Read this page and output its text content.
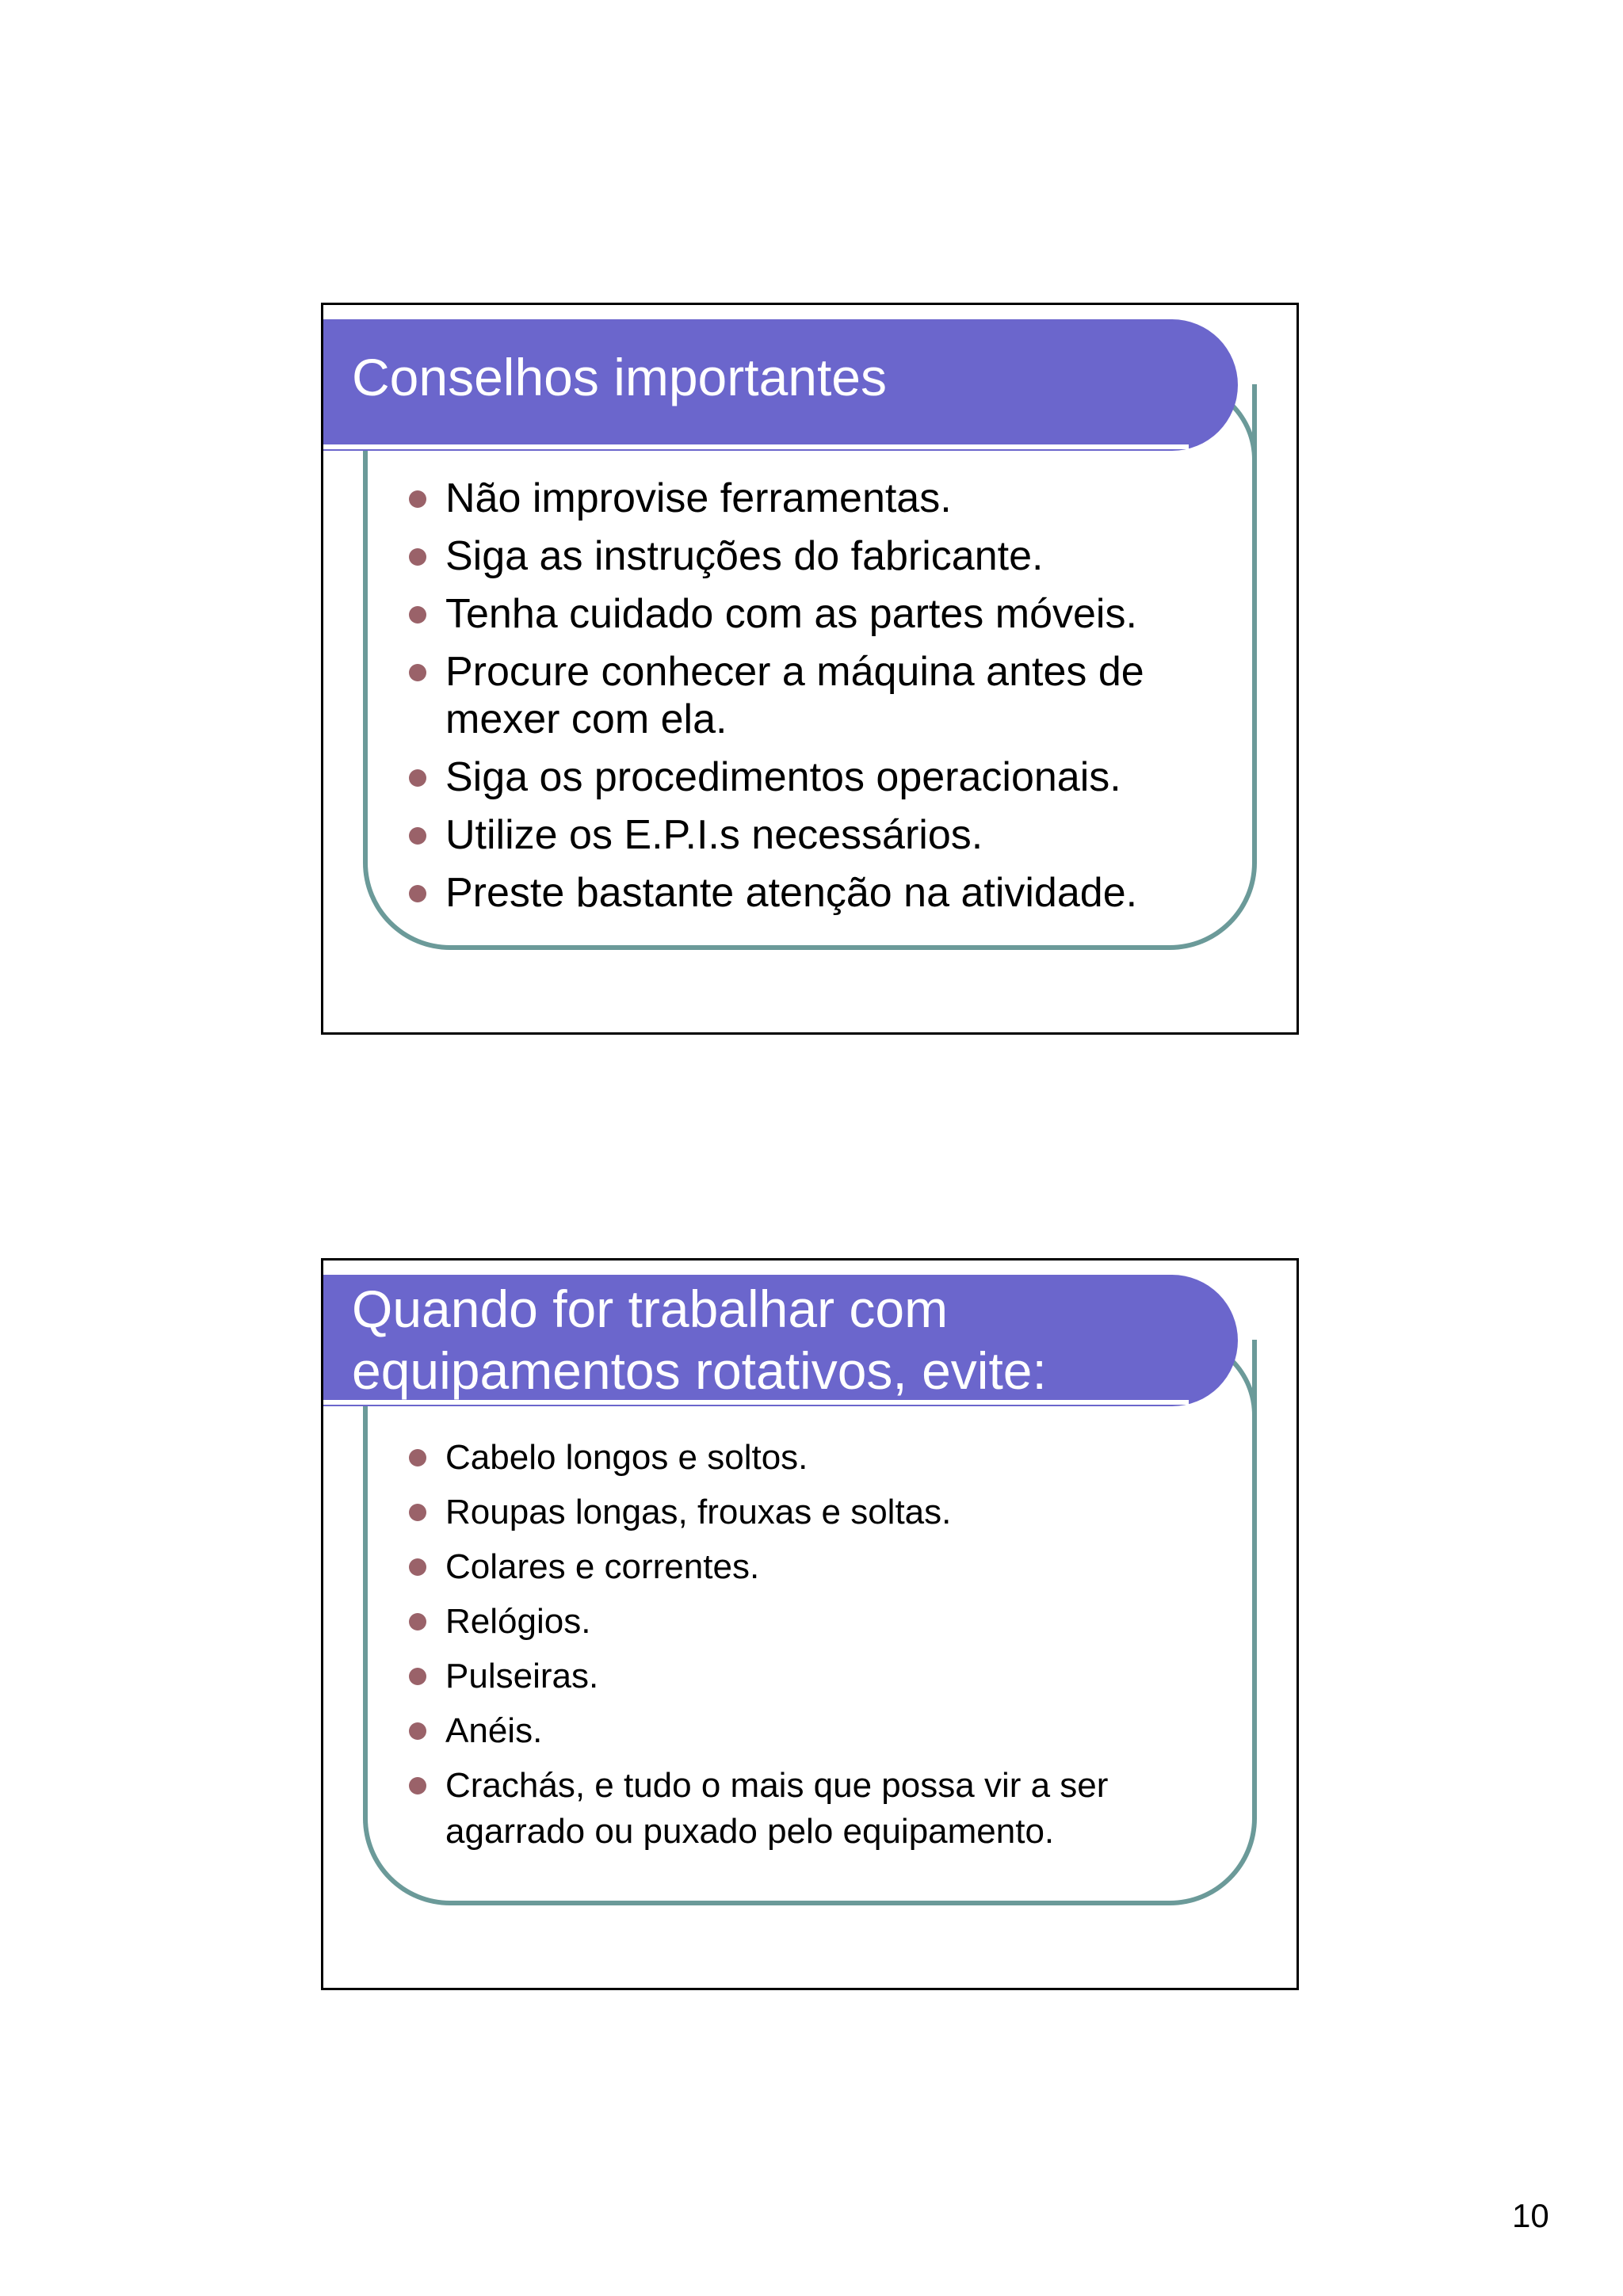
Conselhos importantes
Não improvise ferramentas.
Siga as instruções do fabricante.
Tenha cuidado com as partes móveis.
Procure conhecer a máquina antes de mexer com ela.
Siga os procedimentos operacionais.
Utilize os E.P.I.s necessários.
Preste bastante atenção na atividade.
Quando for trabalhar com
equipamentos rotativos, evite:
Cabelo longos e soltos.
Roupas longas, frouxas e soltas.
Colares e correntes.
Relógios.
Pulseiras.
Anéis.
Crachás, e tudo o mais que possa vir a ser agarrado ou puxado pelo equipamento.
10
